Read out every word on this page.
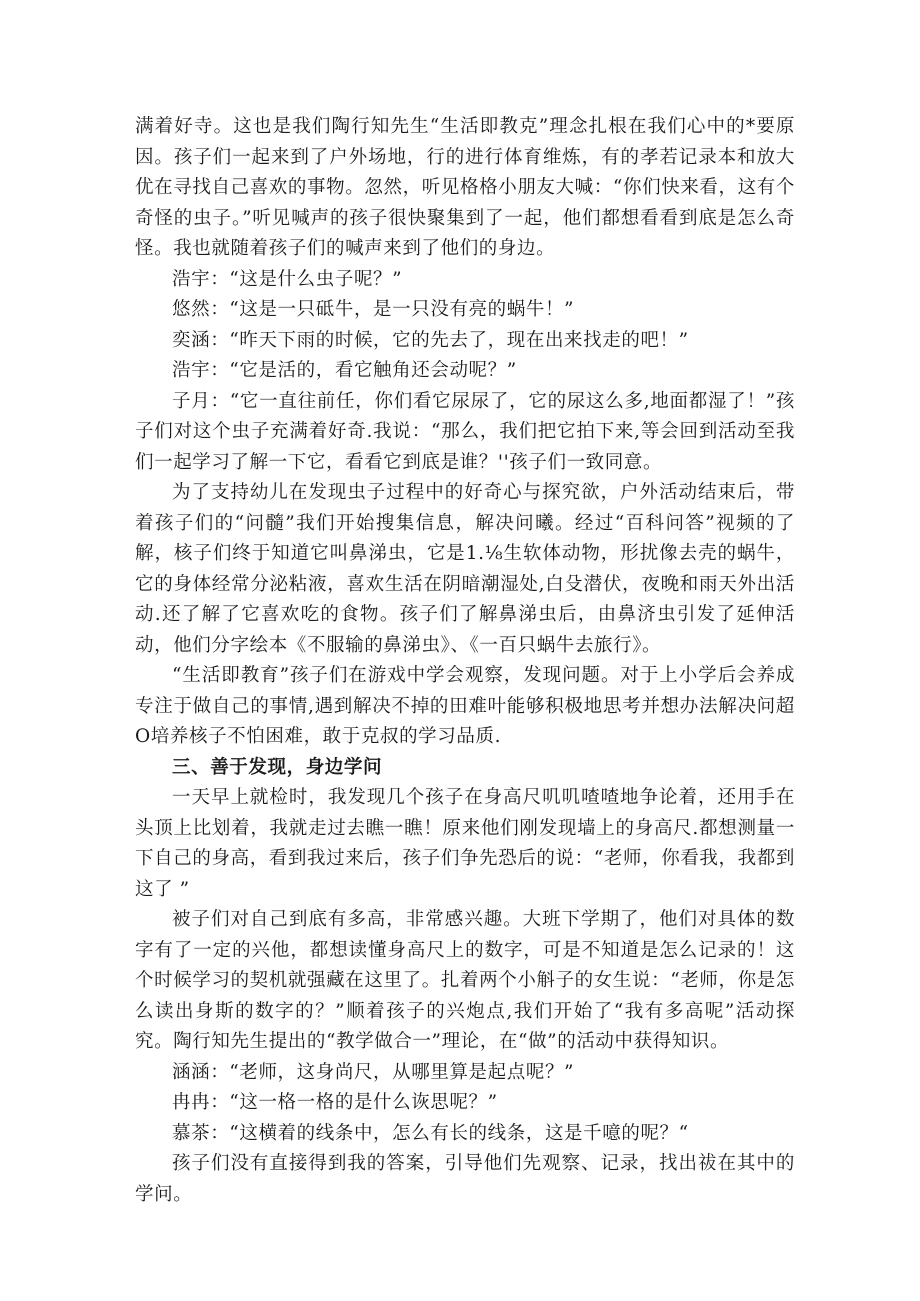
满着好寺。这也是我们陶行知先生“生活即教克”理念扎根在我们心中的*要原因。孩子们一起来到了户外场地，行的进行体育维炼，有的孝若记录本和放大优在寻找自己喜欢的事物。忽然，听见格格小朋友大喊：“你们快来看，这有个奇怪的虫子。”听见喊声的孩子很快聚集到了一起，他们都想看看到底是怎么奇怪。我也就随着孩子们的喊声来到了他们的身边。

浩宇：“这是什么虫子呢？”

悠然：“这是一只砥牛，是一只没有亮的蜗牛！”

奕涵：“昨天下雨的时候，它的先去了，现在出来找走的吧！”

浩宇：“它是活的，看它触角还会动呢？”

子月：“它一直往前任，你们看它尿尿了，它的尿这么多,地面都湿了！”孩子们对这个虫子充满着好奇.我说：“那么，我们把它拍下来,等会回到活动至我们一起学习了解一下它，看看它到底是谁？''孩子们一致同意。

为了支持幼儿在发现虫子过程中的好奇心与探究欲，户外活动结束后，带着孩子们的“问髓”我们开始搜集信息，解决问曦。经过“百科问答”视频的了解，核子们终于知道它叫鼻涕虫，它是1.⅛生软体动物，形扰像去壳的蜗牛，它的身体经常分泌粘液，喜欢生活在阴暗潮湿处,白殳潜伏，夜晚和雨天外出活动.还了解了它喜欢吃的食物。孩子们了解鼻涕虫后，由鼻济虫引发了延伸活动，他们分字绘本《不服输的鼻涕虫》、《一百只蜗牛去旅行》。

“生活即教育”孩子们在游戏中学会观察，发现问题。对于上小学后会养成专注于做自己的事情,遇到解决不掉的田难叶能够积极地思考并想办法解决问超O培养核子不怕困难，敢于克叔的学习品质.

三、善于发现，身边学问

一天早上就检时，我发现几个孩子在身高尺叽叽喳喳地争论着，还用手在头顶上比划着，我就走过去瞧一瞧！原来他们刚发现墙上的身高尺.都想测量一下自己的身高，看到我过来后，孩子们争先恐后的说：“老师，你看我，我都到这了 ”

被子们对自己到底有多高，非常感兴趣。大班下学期了，他们对具体的数字有了一定的兴他，都想读懂身高尺上的数字，可是不知道是怎么记录的！这个时候学习的契机就强藏在这里了。扎着两个小斛子的女生说：“老师，你是怎么读出身斯的数字的？”顺着孩子的兴炮点,我们开始了“我有多高呢”活动探究。陶行知先生提出的“教学做合一”理论，在“做”的活动中获得知识。

涵涵：“老师，这身尚尺，从哪里算是起点呢？”

冉冉：“这一格一格的是什么诙思呢？”

慕茶：“这横着的线条中，怎么有长的线条，这是千噫的呢？“

孩子们没有直接得到我的答案，引导他们先观察、记录，找出祓在其中的学问。
